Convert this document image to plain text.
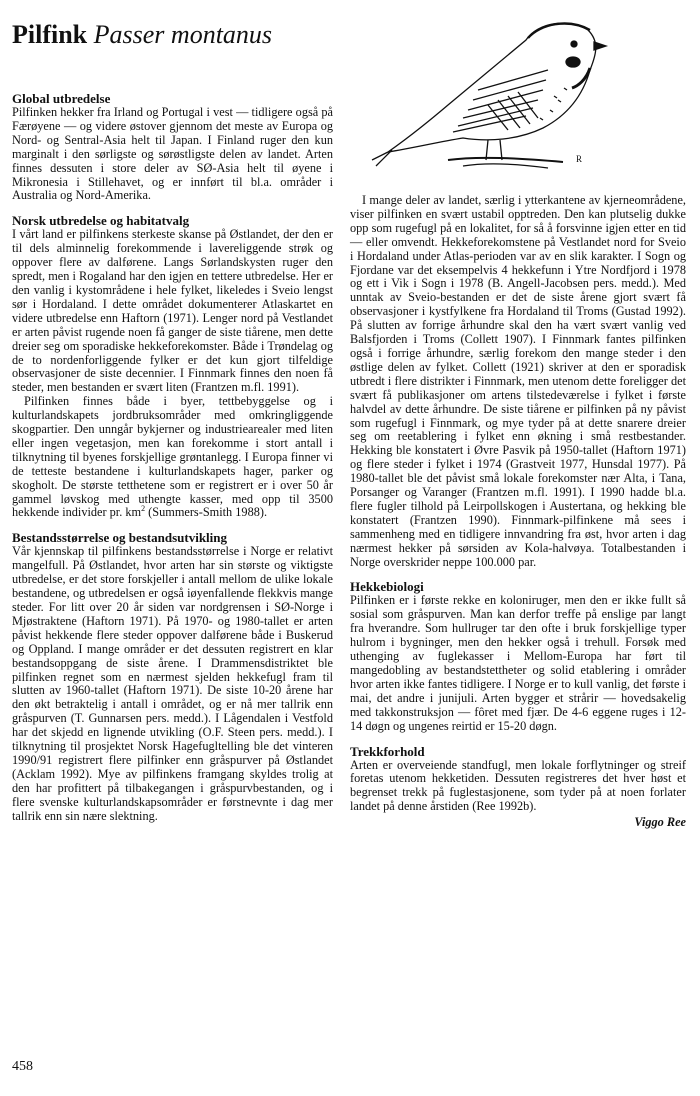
Pilfink Passer montanus
R
Global utbredelse

Pilfinken hekker fra Irland og Portugal i vest — tidligere også på Færøyene — og videre østover gjennom det meste av Europa og Nord- og Sentral-Asia helt til Japan. I Finland ruger den kun marginalt i den sørligste og sørøstligste delen av landet. Arten finnes dessuten i store deler av SØ-Asia helt til øyene i Mikronesia i Stillehavet, og er innført til bl.a. områder i Australia og Nord-Amerika.

Norsk utbredelse og habitatvalg

I vårt land er pilfinkens sterkeste skanse på Østlandet, der den er til dels alminnelig forekommende i lavereliggende strøk og oppover flere av dalførene. Langs Sørlandskysten ruger den spredt, men i Rogaland har den igjen en tettere utbredelse. Her er den vanlig i kystområdene i hele fylket, likeledes i Sveio lengst sør i Hordaland. I dette området dokumenterer Atlaskartet en videre utbredelse enn Haftorn (1971). Lenger nord på Vestlandet er arten påvist rugende noen få ganger de siste tiårene, men dette dreier seg om sporadiske hekkeforekomster. Både i Trøndelag og de to nordenforliggende fylker er det kun gjort tilfeldige observasjoner de siste decennier. I Finnmark finnes den noen få steder, men bestanden er svært liten (Frantzen m.fl. 1991).

Pilfinken finnes både i byer, tettbebyggelse og i kulturlandskapets jordbruksområder med omkringliggende skogpartier. Den unngår bykjerner og industriearealer med liten eller ingen vegetasjon, men kan forekomme i stort antall i tilknytning til byenes forskjellige grøntanlegg. I Europa finner vi de tetteste bestandene i kulturlandskapets hager, parker og skogholt. De største tetthetene som er registrert er i over 50 år gammel løvskog med uthengte kasser, med opp til 3500 hekkende individer pr. $km^2$ (Summers-Smith 1988).

Bestandsstørrelse og bestandsutvikling

Vår kjennskap til pilfinkens bestandsstørrelse i Norge er relativt mangelfull. På Østlandet, hvor arten har sin største og viktigste utbredelse, er det store forskjeller i antall mellom de ulike lokale bestandene, og utbredelsen er også iøyenfallende flekkvis mange steder. For litt over 20 år siden var nordgrensen i SØ-Norge i Mjøstraktene (Haftorn 1971). På 1970- og 1980-tallet er arten påvist hekkende flere steder oppover dalførene både i Buskerud og Oppland. I mange områder er det dessuten registrert en klar bestandsoppgang de siste årene. I Drammensdistriktet ble pilfinken regnet som en nærmest sjelden hekkefugl fram til slutten av 1960-tallet (Haftorn 1971). De siste 10-20 årene har den økt betraktelig i antall i området, og er nå mer tallrik enn gråspurven (T. Gunnarsen pers. medd.). I Lågendalen i Vestfold har det skjedd en lignende utvikling (O.F. Steen pers. medd.). I tilknytning til prosjektet Norsk Hagefugltelling ble det vinteren 1990/91 registrert flere pilfinker enn gråspurver på Østlandet (Acklam 1992). Mye av pilfinkens framgang skyldes trolig at den har profittert på tilbakegangen i gråspurvbestanden, og i flere svenske kulturlandskapsområder er førstnevnte i dag mer tallrik enn sin nære slektning.

I mange deler av landet, særlig i ytterkantene av kjerneområdene, viser pilfinken en svært ustabil opptreden. Den kan plutselig dukke opp som rugefugl på en lokalitet, for så å forsvinne igjen etter en tid — eller omvendt. Hekkeforekomstene på Vestlandet nord for Sveio i Hordaland under Atlas-perioden var av en slik karakter. I Sogn og Fjordane var det eksempelvis 4 hekkefunn i Ytre Nordfjord i 1978 og ett i Vik i Sogn i 1978 (B. Angell-Jacobsen pers. medd.). Med unntak av Sveio-bestanden er det de siste årene gjort svært få observasjoner i kystfylkene fra Hordaland til Troms (Gustad 1992). På slutten av forrige århundre skal den ha vært svært vanlig ved Balsfjorden i Troms (Collett 1907). I Finnmark fantes pilfinken også i forrige århundre, særlig forekom den mange steder i den østlige delen av fylket. Collett (1921) skriver at den er sporadisk utbredt i flere distrikter i Finnmark, men utenom dette foreligger det svært få publikasjoner om artens tilstedeværelse i fylket i første halvdel av dette århundre. De siste tiårene er pilfinken på ny påvist som rugefugl i Finnmark, og mye tyder på at dette snarere dreier seg om reetablering i fylket enn økning i små restbestander. Hekking ble konstatert i Øvre Pasvik på 1950-tallet (Haftorn 1971) og flere steder i fylket i 1974 (Grastveit 1977, Hunsdal 1977). På 1980-tallet ble det påvist små lokale forekomster nær Alta, i Tana, Porsanger og Varanger (Frantzen m.fl. 1991). I 1990 hadde bl.a. flere fugler tilhold på Leirpollskogen i Austertana, og hekking ble konstatert (Frantzen 1990). Finnmark-pilfinkene må sees i sammenheng med en tidligere innvandring fra øst, hvor arten i dag nærmest hekker på sørsiden av Kola-halvøya. Totalbestanden i Norge overskrider neppe 100.000 par.

Hekkebiologi

Pilfinken er i første rekke en koloniruger, men den er ikke fullt så sosial som gråspurven. Man kan derfor treffe på enslige par langt fra hverandre. Som hullruger tar den ofte i bruk forskjellige typer hulrom i bygninger, men den hekker også i trehull. Forsøk med uthenging av fuglekasser i Mellom-Europa har ført til mangedobling av bestandstettheter og solid etablering i områder hvor arten ikke fantes tidligere. I Norge er to kull vanlig, det første i mai, det andre i junijuli. Arten bygger et strårir — hovedsakelig med takkonstruksjon — fôret med fjær. De 4-6 eggene ruges i 12-14 døgn og ungenes reirtid er 15-20 døgn.

Trekkforhold

Arten er overveiende standfugl, men lokale forflytninger og streif foretas utenom hekketiden. Dessuten registreres det hver høst et begrenset trekk på fuglestasjonene, som tyder på at noen forlater landet på denne årstiden (Ree 1992b).

Viggo Ree
458
